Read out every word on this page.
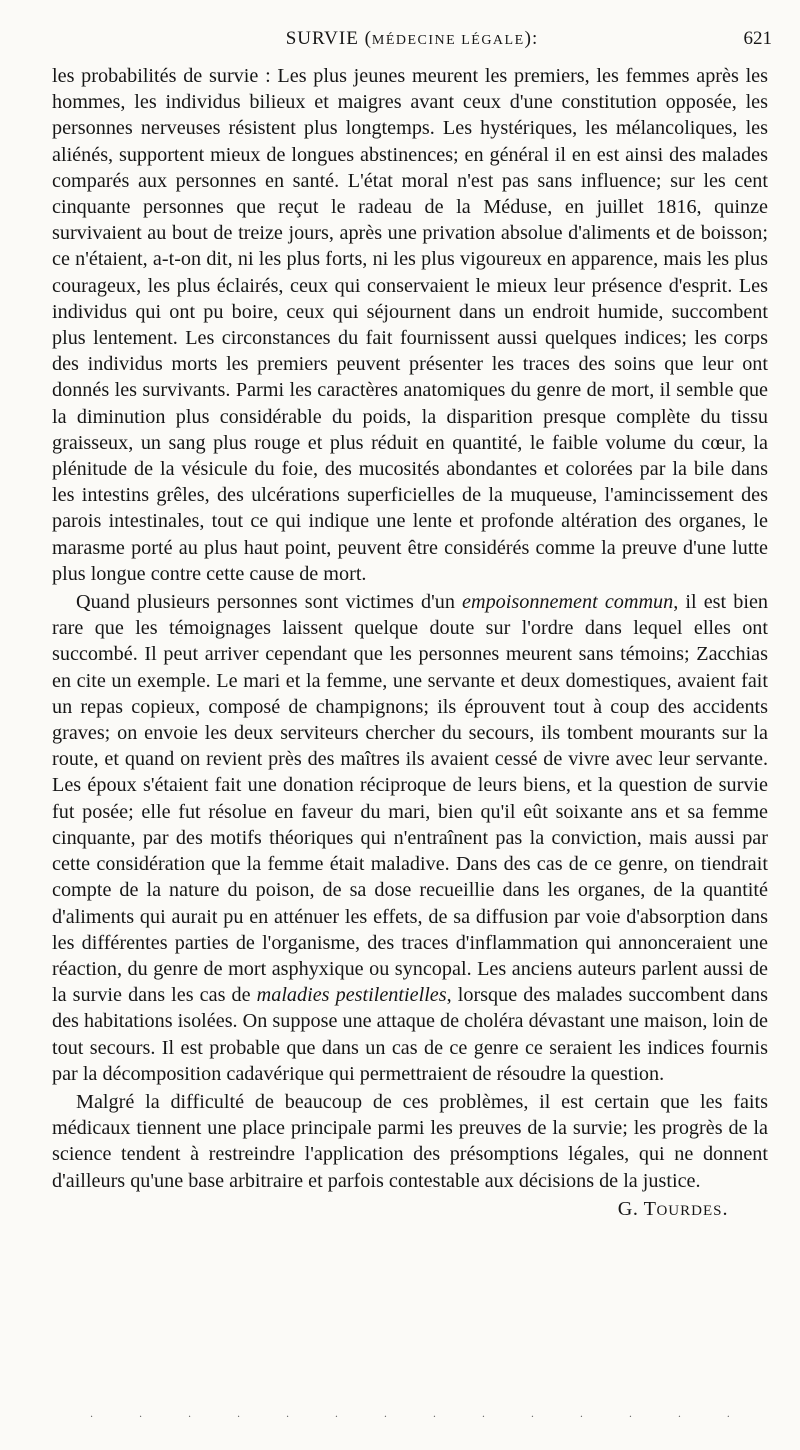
SURVIE (MÉDECINE LÉGALE):	621

les probabilités de survie : Les plus jeunes meurent les premiers, les femmes après les hommes, les individus bilieux et maigres avant ceux d'une constitution opposée, les personnes nerveuses résistent plus longtemps. Les hystériques, les mélancoliques, les aliénés, supportent mieux de longues abstinences; en général il en est ainsi des malades comparés aux personnes en santé. L'état moral n'est pas sans influence; sur les cent cinquante personnes que reçut le radeau de la Méduse, en juillet 1816, quinze survivaient au bout de treize jours, après une privation absolue d'aliments et de boisson; ce n'étaient, a-t-on dit, ni les plus forts, ni les plus vigoureux en apparence, mais les plus courageux, les plus éclairés, ceux qui conservaient le mieux leur présence d'esprit. Les individus qui ont pu boire, ceux qui séjournent dans un endroit humide, succombent plus lentement. Les circonstances du fait fournissent aussi quelques indices; les corps des individus morts les premiers peuvent présenter les traces des soins que leur ont donnés les survivants. Parmi les caractères anatomiques du genre de mort, il semble que la diminution plus considérable du poids, la disparition presque complète du tissu graisseux, un sang plus rouge et plus réduit en quantité, le faible volume du cœur, la plénitude de la vésicule du foie, des mucosités abondantes et colorées par la bile dans les intestins grêles, des ulcérations superficielles de la muqueuse, l'amincissement des parois intestinales, tout ce qui indique une lente et profonde altération des organes, le marasme porté au plus haut point, peuvent être considérés comme la preuve d'une lutte plus longue contre cette cause de mort.

Quand plusieurs personnes sont victimes d'un empoisonnement commun, il est bien rare que les témoignages laissent quelque doute sur l'ordre dans lequel elles ont succombé. Il peut arriver cependant que les personnes meurent sans témoins; Zacchias en cite un exemple. Le mari et la femme, une servante et deux domestiques, avaient fait un repas copieux, composé de champignons; ils éprouvent tout à coup des accidents graves; on envoie les deux serviteurs chercher du secours, ils tombent mourants sur la route, et quand on revient près des maîtres ils avaient cessé de vivre avec leur servante. Les époux s'étaient fait une donation réciproque de leurs biens, et la question de survie fut posée; elle fut résolue en faveur du mari, bien qu'il eût soixante ans et sa femme cinquante, par des motifs théoriques qui n'entraînent pas la conviction, mais aussi par cette considération que la femme était maladive. Dans des cas de ce genre, on tiendrait compte de la nature du poison, de sa dose recueillie dans les organes, de la quantité d'aliments qui aurait pu en atténuer les effets, de sa diffusion par voie d'absorption dans les différentes parties de l'organisme, des traces d'inflammation qui annonceraient une réaction, du genre de mort asphyxique ou syncopal. Les anciens auteurs parlent aussi de la survie dans les cas de maladies pestilentielles, lorsque des malades succombent dans des habitations isolées. On suppose une attaque de choléra dévastant une maison, loin de tout secours. Il est probable que dans un cas de ce genre ce seraient les indices fournis par la décomposition cadavérique qui permettraient de résoudre la question.

Malgré la difficulté de beaucoup de ces problèmes, il est certain que les faits médicaux tiennent une place principale parmi les preuves de la survie; les progrès de la science tendent à restreindre l'application des présomptions légales, qui ne donnent d'ailleurs qu'une base arbitraire et parfois contestable aux décisions de la justice.

G. TOURDES.
·	·	·	·	·	·	·	·	·	·	·	·	·	·
